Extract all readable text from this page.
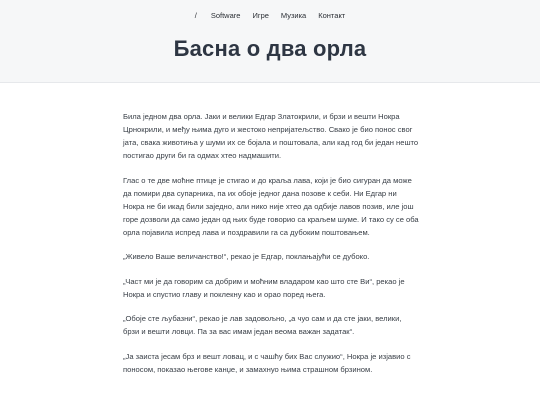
/ Software Игре Музика Контакт
Басна о два орла

Била једном два орла. Јаки и велики Едгар Златокрили, и брзи и вешти Нокра Црнокрили, и међу њима дуго и жестоко непријатељство. Свако је био понос свог јата, свака животиња у шуми их се бојала и поштовала, али кад год би један нешто постигао други би га одмах хтео надмашити.

Глас о те две моћне птице је стигао и до краља лава, који је био сигуран да може да помири два супарника, па их обоје једног дана позове к себи. Ни Едгар ни Нокра не би икад били заједно, али нико није хтео да одбије лавов позив, иле још горе дозволи да само један од њих буде говорио са краљем шуме. И тако су се оба орла појавила испред лава и поздравили га са дубоким поштовањем.

„Живело Ваше величанство!“, рекао је Едгар, поклањајући се дубоко.

„Част ми је да говорим са добрим и моћним владаром као што сте Ви“, рекао је Нокра и спустио главу и поклекну као и орао поред њега.

„Обоје сте љубазни“, рекао је лав задовољно, „а чуо сам и да сте јаки, велики, брзи и вешти ловци. Па за вас имам један веома важан задатак“.

„Ја заиста јесам брз и вешт ловац, и с чашћу бих Вас служио“, Нокра је изјавио с поносом, показао његове канџе, и замахнуо њима страшном брзином.
